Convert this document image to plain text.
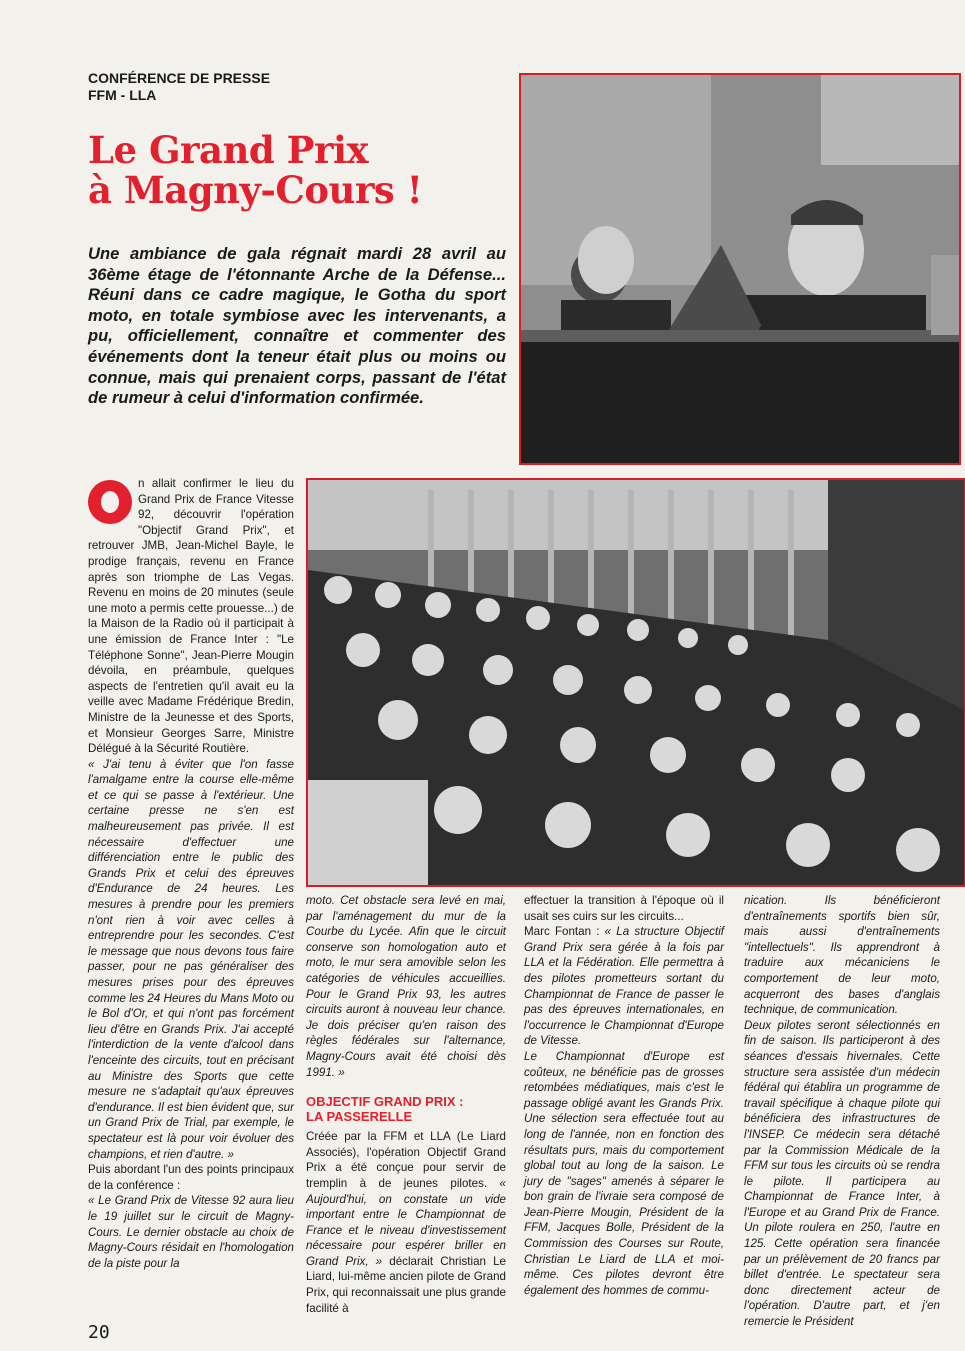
CONFÉRENCE DE PRESSE
FFM - LLA
Le Grand Prix
à Magny-Cours !

Une ambiance de gala régnait mardi 28 avril au 36ème étage de l'étonnante Arche de la Défense... Réuni dans ce cadre magique, le Gotha du sport moto, en totale symbiose avec les intervenants, a pu, officiellement, connaître et commenter des événements dont la teneur était plus ou moins ou connue, mais qui prenaient corps, passant de l'état de rumeur à celui d'information confirmée.

n allait confirmer le lieu du Grand Prix de France Vitesse 92, découvrir l'opération "Objectif Grand Prix", et retrouver JMB, Jean-Michel Bayle, le prodige français, revenu en France après son triomphe de Las Vegas. Revenu en moins de 20 minutes (seule une moto a permis cette prouesse...) de la Maison de la Radio où il participait à une émission de France Inter : "Le Téléphone Sonne", Jean-Pierre Mougin dévoila, en préambule, quelques aspects de l'entretien qu'il avait eu la veille avec Madame Frédérique Bredin, Ministre de la Jeunesse et des Sports, et Monsieur Georges Sarre, Ministre Délégué à la Sécurité Routière.

« J'ai tenu à éviter que l'on fasse l'amalgame entre la course elle-même et ce qui se passe à l'extérieur. Une certaine presse ne s'en est malheureusement pas privée. Il est nécessaire d'effectuer une différenciation entre le public des Grands Prix et celui des épreuves d'Endurance de 24 heures. Les mesures à prendre pour les premiers n'ont rien à voir avec celles à entreprendre pour les secondes. C'est le message que nous devons tous faire passer, pour ne pas généraliser des mesures prises pour des épreuves comme les 24 Heures du Mans Moto ou le Bol d'Or, et qui n'ont pas forcément lieu d'être en Grands Prix. J'ai accepté l'interdiction de la vente d'alcool dans l'enceinte des circuits, tout en précisant au Ministre des Sports que cette mesure ne s'adaptait qu'aux épreuves d'endurance. Il est bien évident que, sur un Grand Prix de Trial, par exemple, le spectateur est là pour voir évoluer des champions, et rien d'autre. »

Puis abordant l'un des points principaux de la conférence :

« Le Grand Prix de Vitesse 92 aura lieu le 19 juillet sur le circuit de Magny-Cours. Le dernier obstacle au choix de Magny-Cours résidait en l'homologation de la piste pour la

moto. Cet obstacle sera levé en mai, par l'aménagement du mur de la Courbe du Lycée. Afin que le circuit conserve son homologation auto et moto, le mur sera amovible selon les catégories de véhicules accueillies. Pour le Grand Prix 93, les autres circuits auront à nouveau leur chance. Je dois préciser qu'en raison des règles fédérales sur l'alternance, Magny-Cours avait été choisi dès 1991. »

OBJECTIF GRAND PRIX :
LA PASSERELLE

Créée par la FFM et LLA (Le Liard Associés), l'opération Objectif Grand Prix a été conçue pour servir de tremplin à de jeunes pilotes. « Aujourd'hui, on constate un vide important entre le Championnat de France et le niveau d'investissement nécessaire pour espérer briller en Grand Prix, » déclarait Christian Le Liard, lui-même ancien pilote de Grand Prix, qui reconnaissait une plus grande facilité à

effectuer la transition à l'époque où il usait ses cuirs sur les circuits...

Marc Fontan : « La structure Objectif Grand Prix sera gérée à la fois par LLA et la Fédération. Elle permettra à des pilotes prometteurs sortant du Championnat de France de passer le pas des épreuves internationales, en l'occurrence le Championnat d'Europe de Vitesse.

Le Championnat d'Europe est coûteux, ne bénéficie pas de grosses retombées médiatiques, mais c'est le passage obligé avant les Grands Prix. Une sélection sera effectuée tout au long de l'année, non en fonction des résultats purs, mais du comportement global tout au long de la saison. Le jury de "sages" amenés à séparer le bon grain de l'ivraie sera composé de Jean-Pierre Mougin, Président de la FFM, Jacques Bolle, Président de la Commission des Courses sur Route, Christian Le Liard de LLA et moi-même. Ces pilotes devront être également des hommes de commu-

nication. Ils bénéficieront d'entraînements sportifs bien sûr, mais aussi d'entraînements "intellectuels". Ils apprendront à traduire aux mécaniciens le comportement de leur moto, acquerront des bases d'anglais technique, de communication.

Deux pilotes seront sélectionnés en fin de saison. Ils participeront à des séances d'essais hivernales. Cette structure sera assistée d'un médecin fédéral qui établira un programme de travail spécifique à chaque pilote qui bénéficiera des infrastructures de l'INSEP. Ce médecin sera détaché par la Commission Médicale de la FFM sur tous les circuits où se rendra le pilote. Il participera au Championnat de France Inter, à l'Europe et au Grand Prix de France. Un pilote roulera en 250, l'autre en 125. Cette opération sera financée par un prélèvement de 20 francs par billet d'entrée. Le spectateur sera donc directement acteur de l'opération. D'autre part, et j'en remercie le Président

20
